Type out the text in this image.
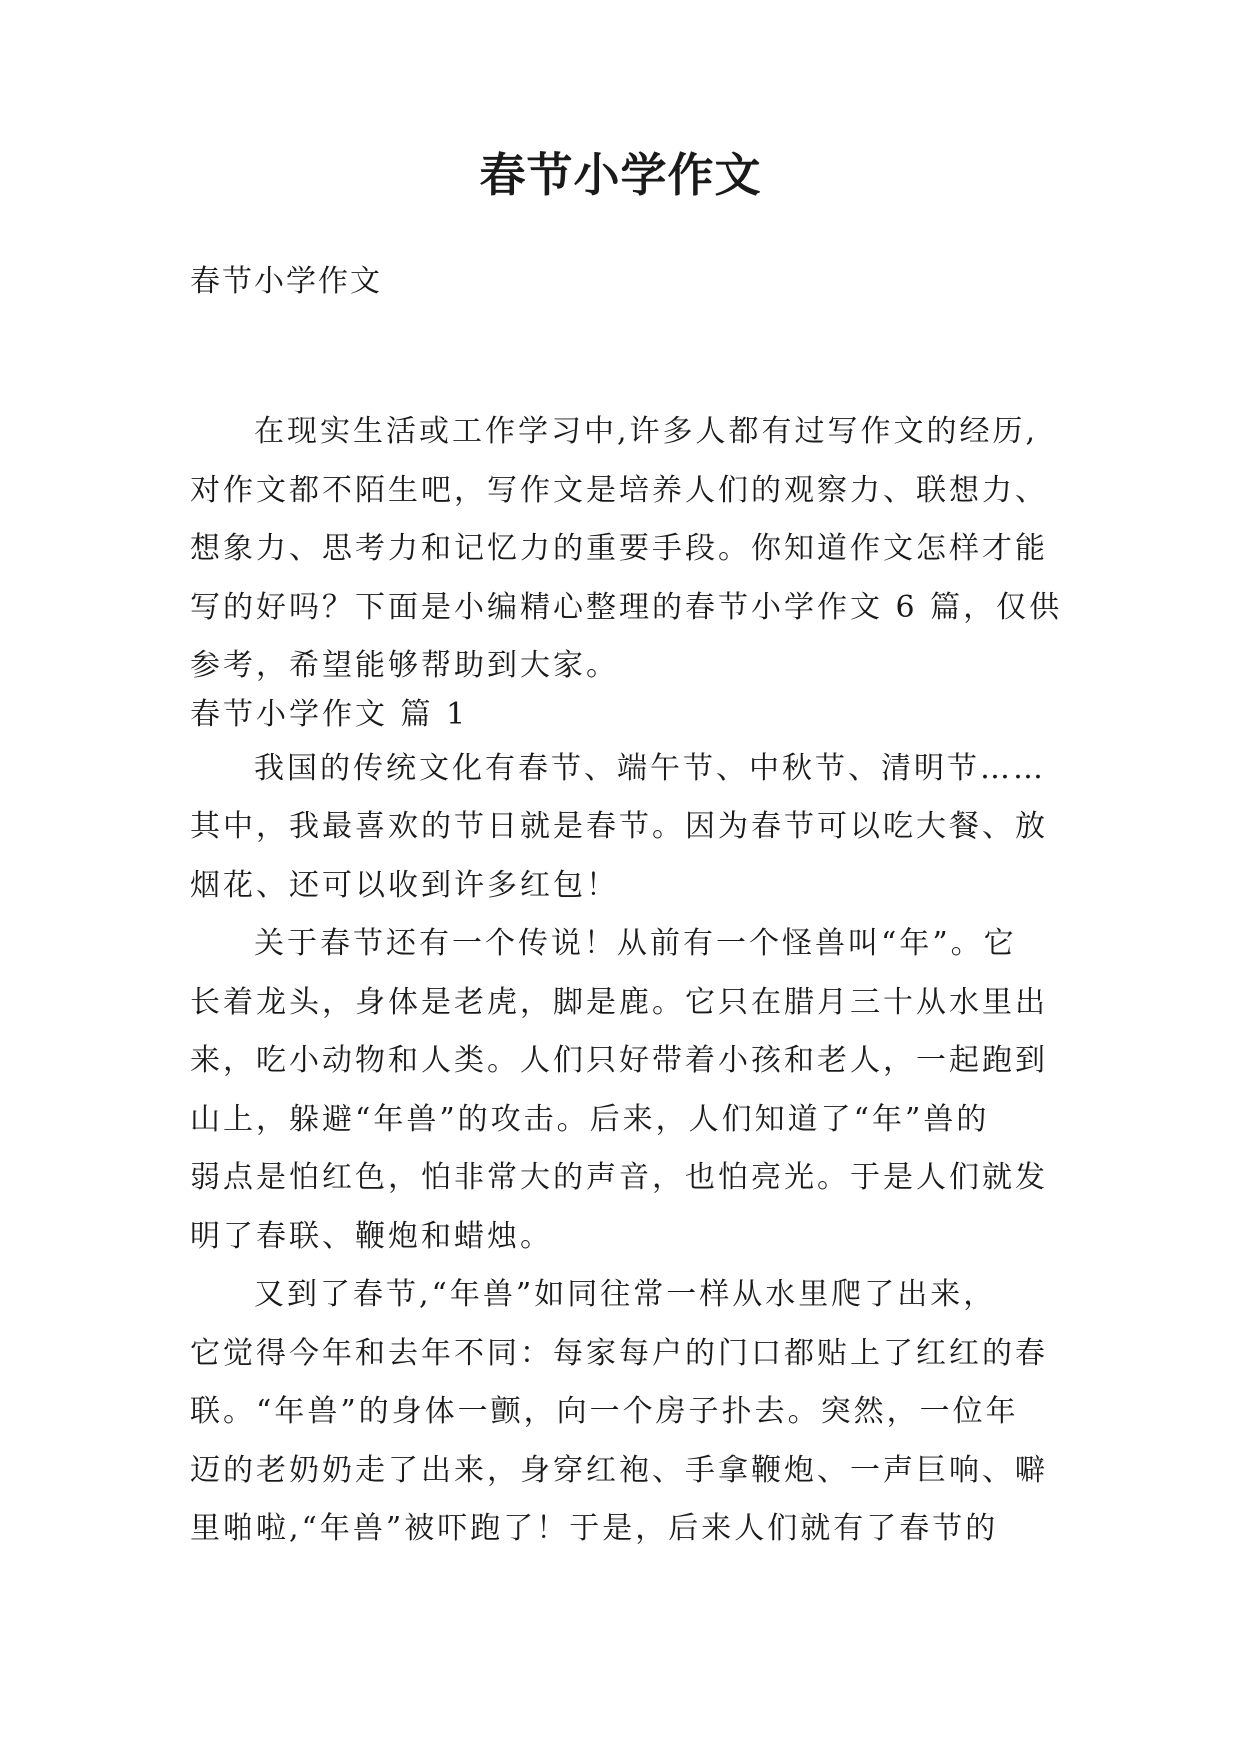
春节小学作文
春节小学作文
在现实生活或工作学习中,许多人都有过写作文的经历,
对作文都不陌生吧，写作文是培养人们的观察力、联想力、
想象力、思考力和记忆力的重要手段。你知道作文怎样才能
写的好吗？下面是小编精心整理的春节小学作文 6 篇，仅供
参考，希望能够帮助到大家。
春节小学作文 篇 1
我国的传统文化有春节、端午节、中秋节、清明节……
其中，我最喜欢的节日就是春节。因为春节可以吃大餐、放
烟花、还可以收到许多红包！
关于春节还有一个传说！从前有一个怪兽叫“年”。它
长着龙头，身体是老虎，脚是鹿。它只在腊月三十从水里出
来，吃小动物和人类。人们只好带着小孩和老人，一起跑到
山上，躲避“年兽”的攻击。后来，人们知道了“年”兽的
弱点是怕红色，怕非常大的声音，也怕亮光。于是人们就发
明了春联、鞭炮和蜡烛。
又到了春节,“年兽”如同往常一样从水里爬了出来，
它觉得今年和去年不同：每家每户的门口都贴上了红红的春
联。“年兽”的身体一颤，向一个房子扑去。突然，一位年
迈的老奶奶走了出来，身穿红袍、手拿鞭炮、一声巨响、噼
里啪啦,“年兽”被吓跑了！于是，后来人们就有了春节的
